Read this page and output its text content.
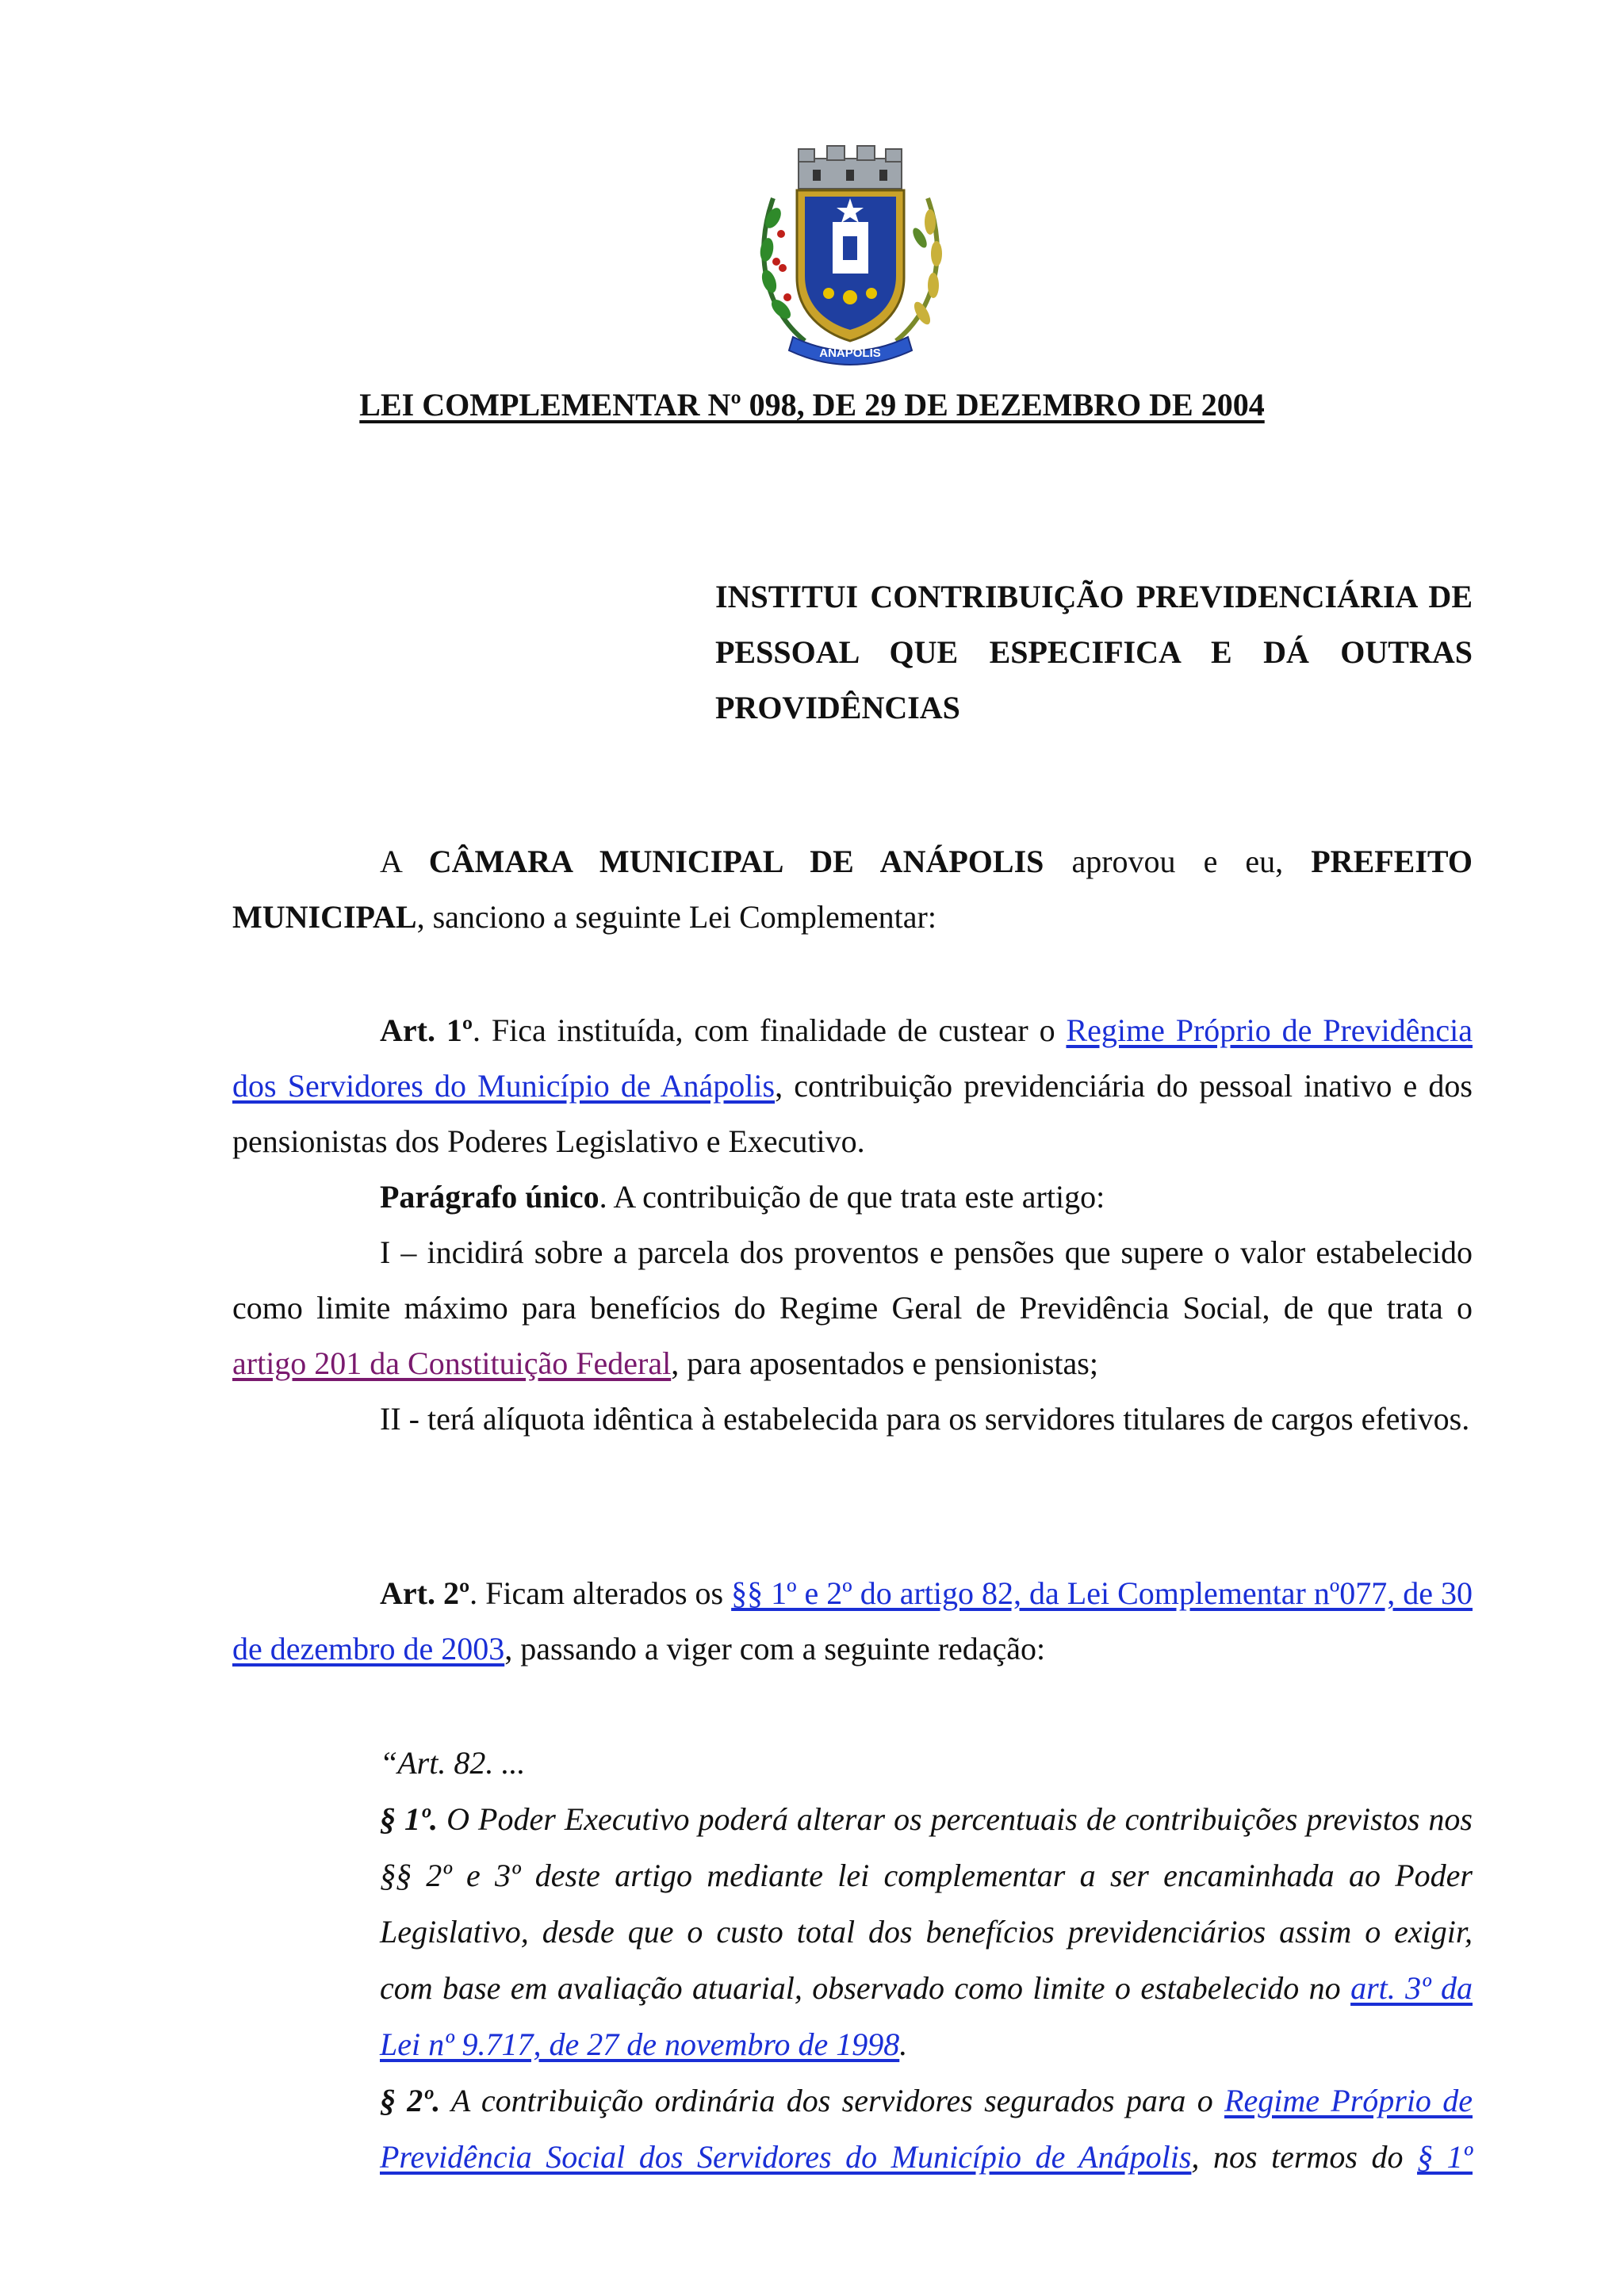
ANÁPOLIS
LEI COMPLEMENTAR Nº 098, DE 29 DE DEZEMBRO DE 2004
INSTITUI CONTRIBUIÇÃO PREVIDENCIÁRIA DE PESSOAL QUE ESPECIFICA E DÁ OUTRAS PROVIDÊNCIAS

A CÂMARA MUNICIPAL DE ANÁPOLIS aprovou e eu, PREFEITO MUNICIPAL, sanciono a seguinte Lei Complementar:

Art. 1º. Fica instituída, com finalidade de custear o Regime Próprio de Previdência dos Servidores do Município de Anápolis, contribuição previdenciária do pessoal inativo e dos pensionistas dos Poderes Legislativo e Executivo.

Parágrafo único. A contribuição de que trata este artigo:

I – incidirá sobre a parcela dos proventos e pensões que supere o valor estabelecido como limite máximo para benefícios do Regime Geral de Previdência Social, de que trata o artigo 201 da Constituição Federal, para aposentados e pensionistas;

II - terá alíquota idêntica à estabelecida para os servidores titulares de cargos efetivos.

Art. 2º. Ficam alterados os §§ 1º e 2º do artigo 82, da Lei Complementar nº077, de 30 de dezembro de 2003, passando a viger com a seguinte redação:

“Art. 82. ...

§ 1º. O Poder Executivo poderá alterar os percentuais de contribuições previstos nos §§ 2º e 3º deste artigo mediante lei complementar a ser encaminhada ao Poder Legislativo, desde que o custo total dos benefícios previdenciários assim o exigir, com base em avaliação atuarial, observado como limite o estabelecido no art. 3º da Lei nº 9.717, de 27 de novembro de 1998.

§ 2º. A contribuição ordinária dos servidores segurados para o Regime Próprio de Previdência Social dos Servidores do Município de Anápolis, nos termos do § 1º
